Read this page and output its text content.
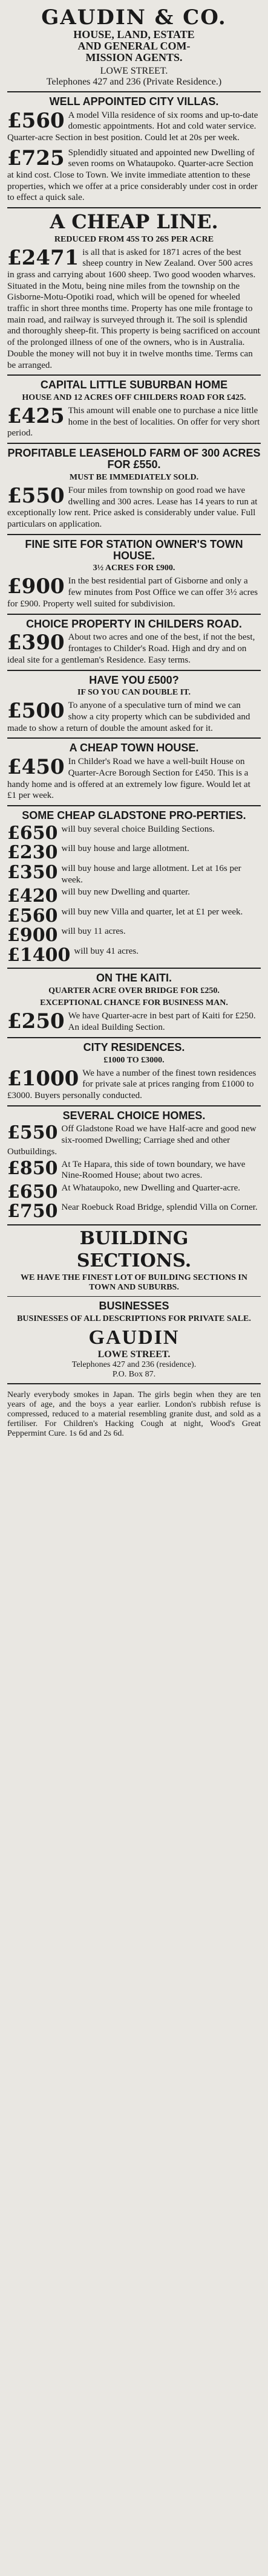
GAUDIN & CO.
HOUSE, LAND, ESTATE
AND GENERAL COM-
MISSION AGENTS.
LOWE STREET.
Telephones 427 and 236 (Private Residence.)
WELL APPOINTED CITY VILLAS.
£560 A model Villa residence of six rooms and up-to-date domestic appointments. Hot and cold water service. Quarter-acre Section in best position. Could let at 20s per week.
£725 Splendidly situated and appointed new Dwelling of seven rooms on Whataupoko. Quarter-acre Section at kind cost. Close to Town. We invite immediate attention to these properties, which we offer at a price considerably under cost in order to effect a quick sale.
A CHEAP LINE.
REDUCED FROM 45S TO 26S PER ACRE
£2471 is all that is asked for 1871 acres of the best sheep country in New Zealand. Over 500 acres in grass and carrying about 1600 sheep. Two good wooden wharves. Situated in the Motu, being nine miles from the township on the Gisborne-Motu-Opotiki road, which will be opened for wheeled traffic in short three months time. Property has one mile frontage to main road, and railway is surveyed through it. The soil is splendid and thoroughly sheep-fit. This property is being sacrificed on account of the prolonged illness of one of the owners, who is in Australia. Double the money will not buy it in twelve months time. Terms can be arranged.
CAPITAL LITTLE SUBURBAN HOME
HOUSE AND 12 ACRES OFF CHILDERS ROAD FOR £425.
£425 This amount will enable one to purchase a nice little home in the best of localities. On offer for very short period.
PROFITABLE LEASEHOLD FARM OF 300 ACRES FOR £550.
MUST BE IMMEDIATELY SOLD.
£550 Four miles from township on good road we have dwelling and 300 acres. Lease has 14 years to run at exceptionally low rent. Price asked is considerably under value. Full particulars on application.
FINE SITE FOR STATION OWNER'S TOWN HOUSE.
3½ ACRES FOR £900.
£900 In the best residential part of Gisborne and only a few minutes from Post Office we can offer 3½ acres for £900. Property well suited for subdivision.
CHOICE PROPERTY IN CHILDERS ROAD.
£390 About two acres and one of the best, if not the best, frontages to Childer's Road. High and dry and on ideal site for a gentleman's Residence. Easy terms.
HAVE YOU £500?
IF SO YOU CAN DOUBLE IT.
£500 To anyone of a speculative turn of mind we can show a city property which can be subdivided and made to show a return of double the amount asked for it.
A CHEAP TOWN HOUSE.
£450 In Childer's Road we have a well-built House on Quarter-Acre Borough Section for £450. This is a handy home and is offered at an extremely low figure. Would let at £1 per week.
SOME CHEAP GLADSTONE PRO-PERTIES.
£650 will buy several choice Building Sections.
£230 will buy house and large allotment.
£350 will buy house and large allotment. Let at 16s per week.
£420 will buy new Dwelling and quarter.
£560 will buy new Villa and quarter, let at £1 per week.
£900 will buy 11 acres.
£1400 will buy 41 acres.
ON THE KAITI.
QUARTER ACRE OVER BRIDGE FOR £250.
EXCEPTIONAL CHANCE FOR BUSINESS MAN.
£250 We have Quarter-acre in best part of Kaiti for £250. An ideal Building Section.
CITY RESIDENCES.
£1000 TO £3000.
£1000 We have a number of the finest town residences for private sale at prices ranging from £1000 to £3000. Buyers personally conducted.
SEVERAL CHOICE HOMES.
£550 Off Gladstone Road we have Half-acre and good new six-roomed Dwelling; Carriage shed and other Outbuildings.
£850 At Te Hapara, this side of town boundary, we have Nine-Roomed House; about two acres.
£650 At Whataupoko, new Dwelling and Quarter-acre.
£750 Near Roebuck Road Bridge, splendid Villa on Corner.
BUILDING
SECTIONS.
WE HAVE THE FINEST LOT OF BUILDING SECTIONS IN TOWN AND SUBURBS.
BUSINESSES
BUSINESSES OF ALL DESCRIPTIONS FOR PRIVATE SALE.
GAUDIN
LOWE STREET.
Telephones 427 and 236 (residence).
P.O. Box 87.
Nearly everybody smokes in Japan. The girls begin when they are ten years of age, and the boys a year earlier. London's rubbish refuse is compressed, reduced to a material resembling granite dust, and sold as a fertiliser. For Children's Hacking Cough at night, Wood's Great Peppermint Cure. 1s 6d and 2s 6d.
